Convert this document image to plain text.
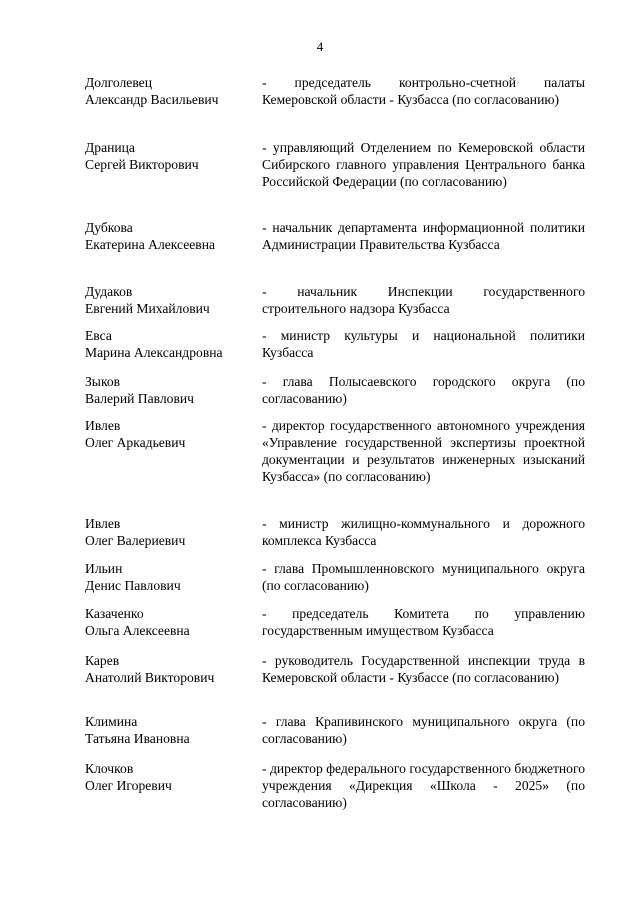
4
Долголевец
Александр Васильевич
- председатель контрольно-счетной палаты Кемеровской области - Кузбасса (по согласованию)
Драница
Сергей Викторович
- управляющий Отделением по Кемеровской области Сибирского главного управления Центрального банка Российской Федерации (по согласованию)
Дубкова
Екатерина Алексеевна
- начальник департамента информационной политики Администрации Правительства Кузбасса
Дудаков
Евгений Михайлович
- начальник Инспекции государственного строительного надзора Кузбасса
Евса
Марина Александровна
- министр культуры и национальной политики Кузбасса
Зыков
Валерий Павлович
- глава Полысаевского городского округа (по согласованию)
Ивлев
Олег Аркадьевич
- директор государственного автономного учреждения «Управление государственной экспертизы проектной документации и результатов инженерных изысканий Кузбасса» (по согласованию)
Ивлев
Олег Валериевич
- министр жилищно-коммунального и дорожного комплекса Кузбасса
Ильин
Денис Павлович
- глава Промышленновского муниципального округа (по согласованию)
Казаченко
Ольга Алексеевна
- председатель Комитета по управлению государственным имуществом Кузбасса
Карев
Анатолий Викторович
- руководитель Государственной инспекции труда в Кемеровской области - Кузбассе (по согласованию)
Климина
Татьяна Ивановна
- глава Крапивинского муниципального округа (по согласованию)
Клочков
Олег Игоревич
- директор федерального государственного бюджетного учреждения «Дирекция «Школа - 2025» (по согласованию)
